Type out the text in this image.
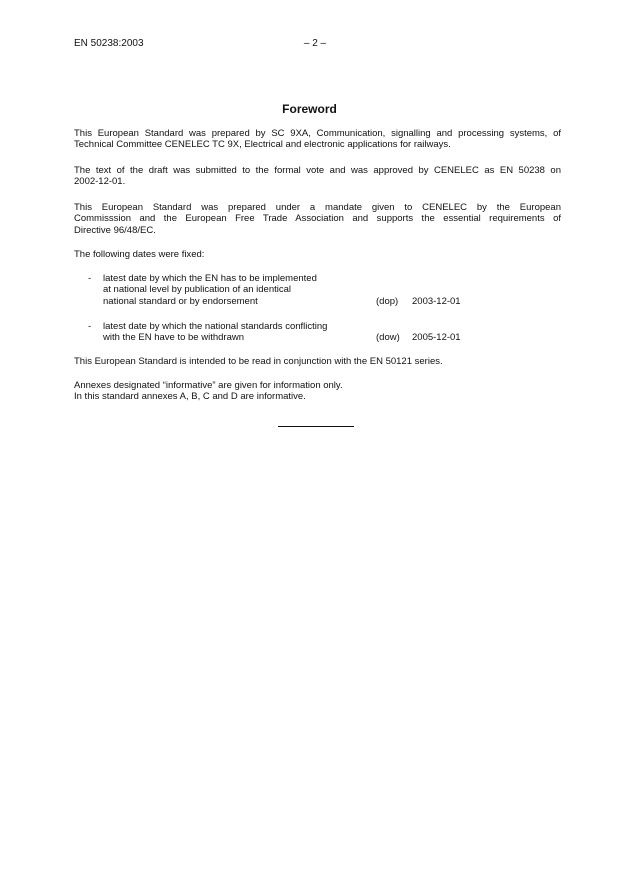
EN 50238:2003	– 2 –
Foreword
This European Standard was prepared by SC 9XA, Communication, signalling and processing systems, of
Technical Committee CENELEC TC 9X, Electrical and electronic applications for railways.
The text of the draft was submitted to the formal vote and was approved by CENELEC as EN 50238 on
2002-12-01.
This European Standard was prepared under a mandate given to CENELEC by the European
Commisssion and the European Free Trade Association and supports the essential requirements of
Directive 96/48/EC.
The following dates were fixed:
- latest date by which the EN has to be implemented
at national level by publication of an identical
national standard or by endorsement	(dop) 2003-12-01
- latest date by which the national standards conflicting
with the EN have to be withdrawn	(dow) 2005-12-01
This European Standard is intended to be read in conjunction with the EN 50121 series.
Annexes designated “informative” are given for information only.
In this standard annexes A, B, C and D are informative.
